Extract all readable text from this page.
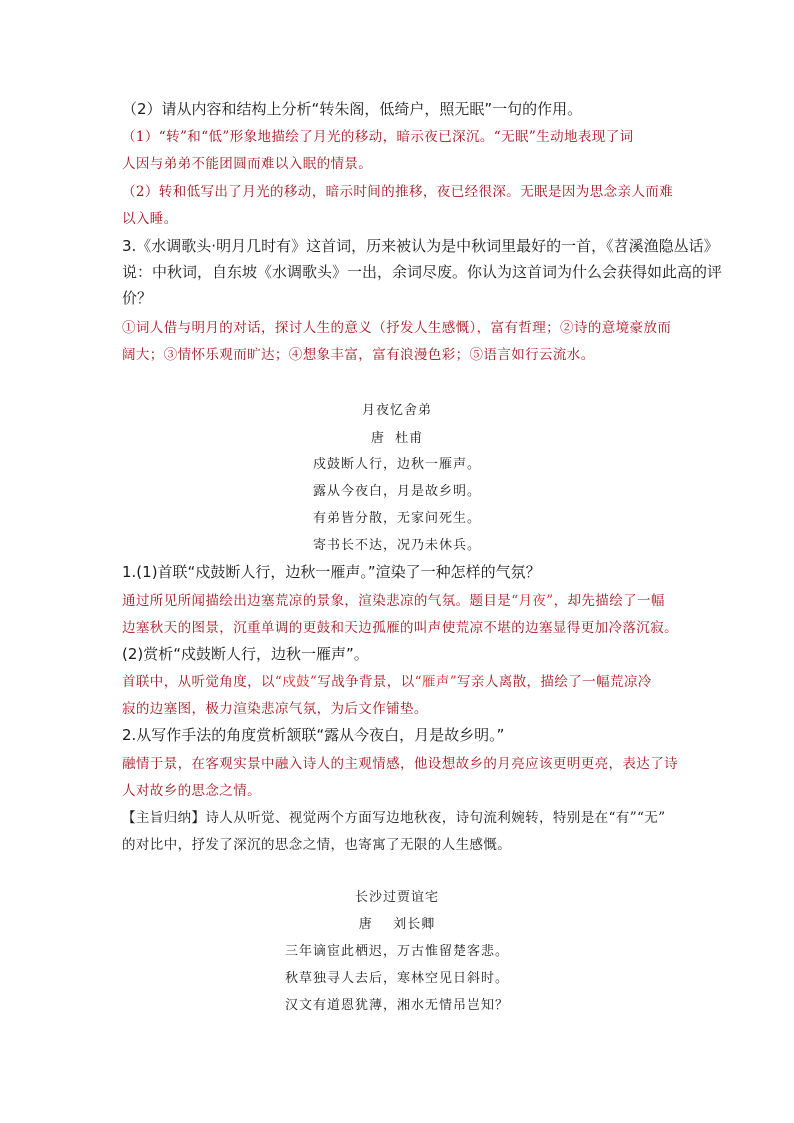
（2）请从内容和结构上分析“转朱阁，低绮户，照无眠”一句的作用。
（1）“转”和“低”形象地描绘了月光的移动，暗示夜已深沉。“无眠”生动地表现了词
人因与弟弟不能团圆而难以入眠的情景。
（2）转和低写出了月光的移动，暗示时间的推移，夜已经很深。无眠是因为思念亲人而难
以入睡。
3.《水调歌头·明月几时有》这首词，历来被认为是中秋词里最好的一首，《苕溪渔隐丛话》
说：中秋词，自东坡《水调歌头》一出，余词尽废。你认为这首词为什么会获得如此高的评
价？
①词人借与明月的对话，探讨人生的意义（抒发人生感慨），富有哲理；②诗的意境豪放而
阔大；③情怀乐观而旷达；④想象丰富，富有浪漫色彩；⑤语言如行云流水。
月夜忆舍弟
唐  杜甫
戍鼓断人行，边秋一雁声。
露从今夜白，月是故乡明。
有弟皆分散，无家问死生。
寄书长不达，况乃未休兵。
1.(1)首联“戍鼓断人行，边秋一雁声。”渲染了一种怎样的气氛？
通过所见所闻描绘出边塞荒凉的景象，渲染悲凉的气氛。题目是“月夜”，却先描绘了一幅
边塞秋天的图景，沉重单调的更鼓和天边孤雁的叫声使荒凉不堪的边塞显得更加冷落沉寂。
(2)赏析“戍鼓断人行，边秋一雁声”。
首联中，从听觉角度，以“戍鼓”写战争背景，以“雁声”写亲人离散，描绘了一幅荒凉冷
寂的边塞图，极力渲染悲凉气氛，为后文作铺垫。
2.从写作手法的角度赏析颔联“露从今夜白，月是故乡明。”
融情于景，在客观实景中融入诗人的主观情感，他设想故乡的月亮应该更明更亮，表达了诗
人对故乡的思念之情。
【主旨归纳】诗人从听觉、视觉两个方面写边地秋夜，诗句流利婉转，特别是在“有”“无”
的对比中，抒发了深沉的思念之情，也寄寓了无限的人生感慨。
长沙过贾谊宅
唐    刘长卿
三年谪宦此栖迟，万古惟留楚客悲。
秋草独寻人去后，寒林空见日斜时。
汉文有道恩犹薄，湘水无情吊岂知？
